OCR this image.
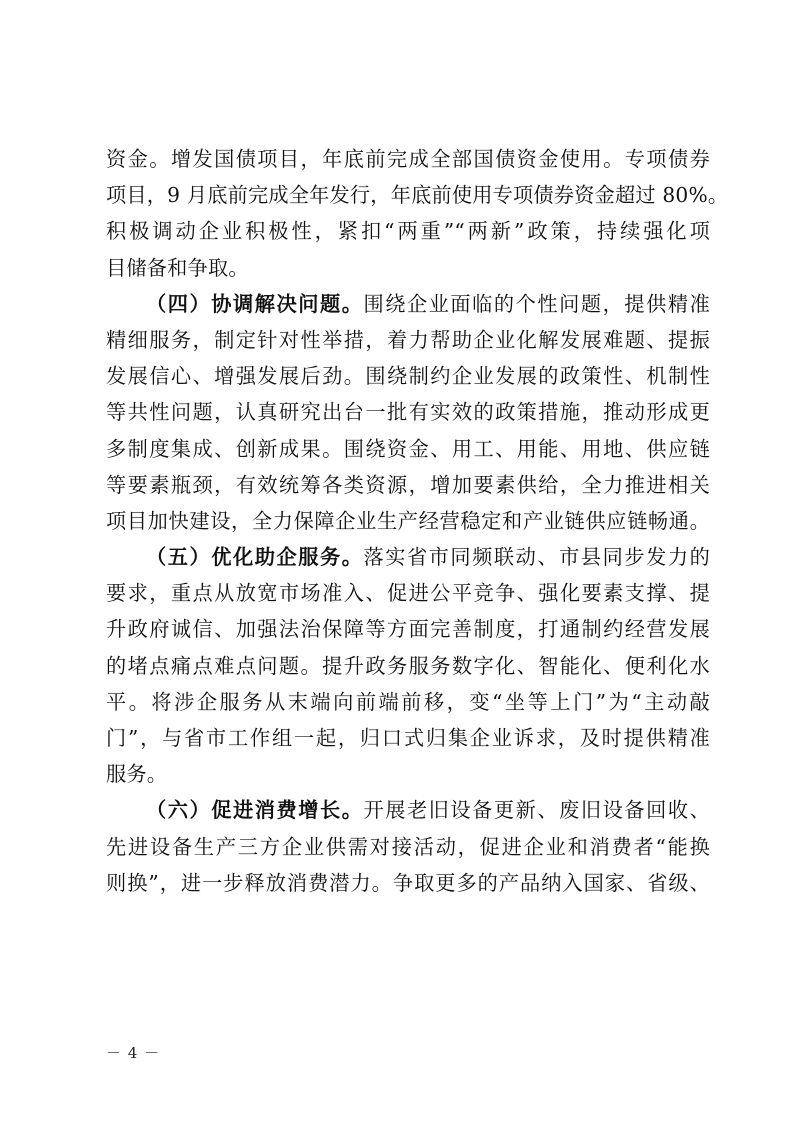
资金。增发国债项目，年底前完成全部国债资金使用。专项债券
项目，9 月底前完成全年发行，年底前使用专项债券资金超过 80%。
积极调动企业积极性，紧扣“两重”“两新”政策，持续强化项
目储备和争取。
（四）协调解决问题。围绕企业面临的个性问题，提供精准
精细服务，制定针对性举措，着力帮助企业化解发展难题、提振
发展信心、增强发展后劲。围绕制约企业发展的政策性、机制性
等共性问题，认真研究出台一批有实效的政策措施，推动形成更
多制度集成、创新成果。围绕资金、用工、用能、用地、供应链
等要素瓶颈，有效统筹各类资源，增加要素供给，全力推进相关
项目加快建设，全力保障企业生产经营稳定和产业链供应链畅通。
（五）优化助企服务。落实省市同频联动、市县同步发力的
要求，重点从放宽市场准入、促进公平竞争、强化要素支撑、提
升政府诚信、加强法治保障等方面完善制度，打通制约经营发展
的堵点痛点难点问题。提升政务服务数字化、智能化、便利化水
平。将涉企服务从末端向前端前移，变“坐等上门”为“主动敲
门”，与省市工作组一起，归口式归集企业诉求，及时提供精准
服务。
（六）促进消费增长。开展老旧设备更新、废旧设备回收、
先进设备生产三方企业供需对接活动，促进企业和消费者“能换
则换”，进一步释放消费潜力。争取更多的产品纳入国家、省级、
－ 4 －
